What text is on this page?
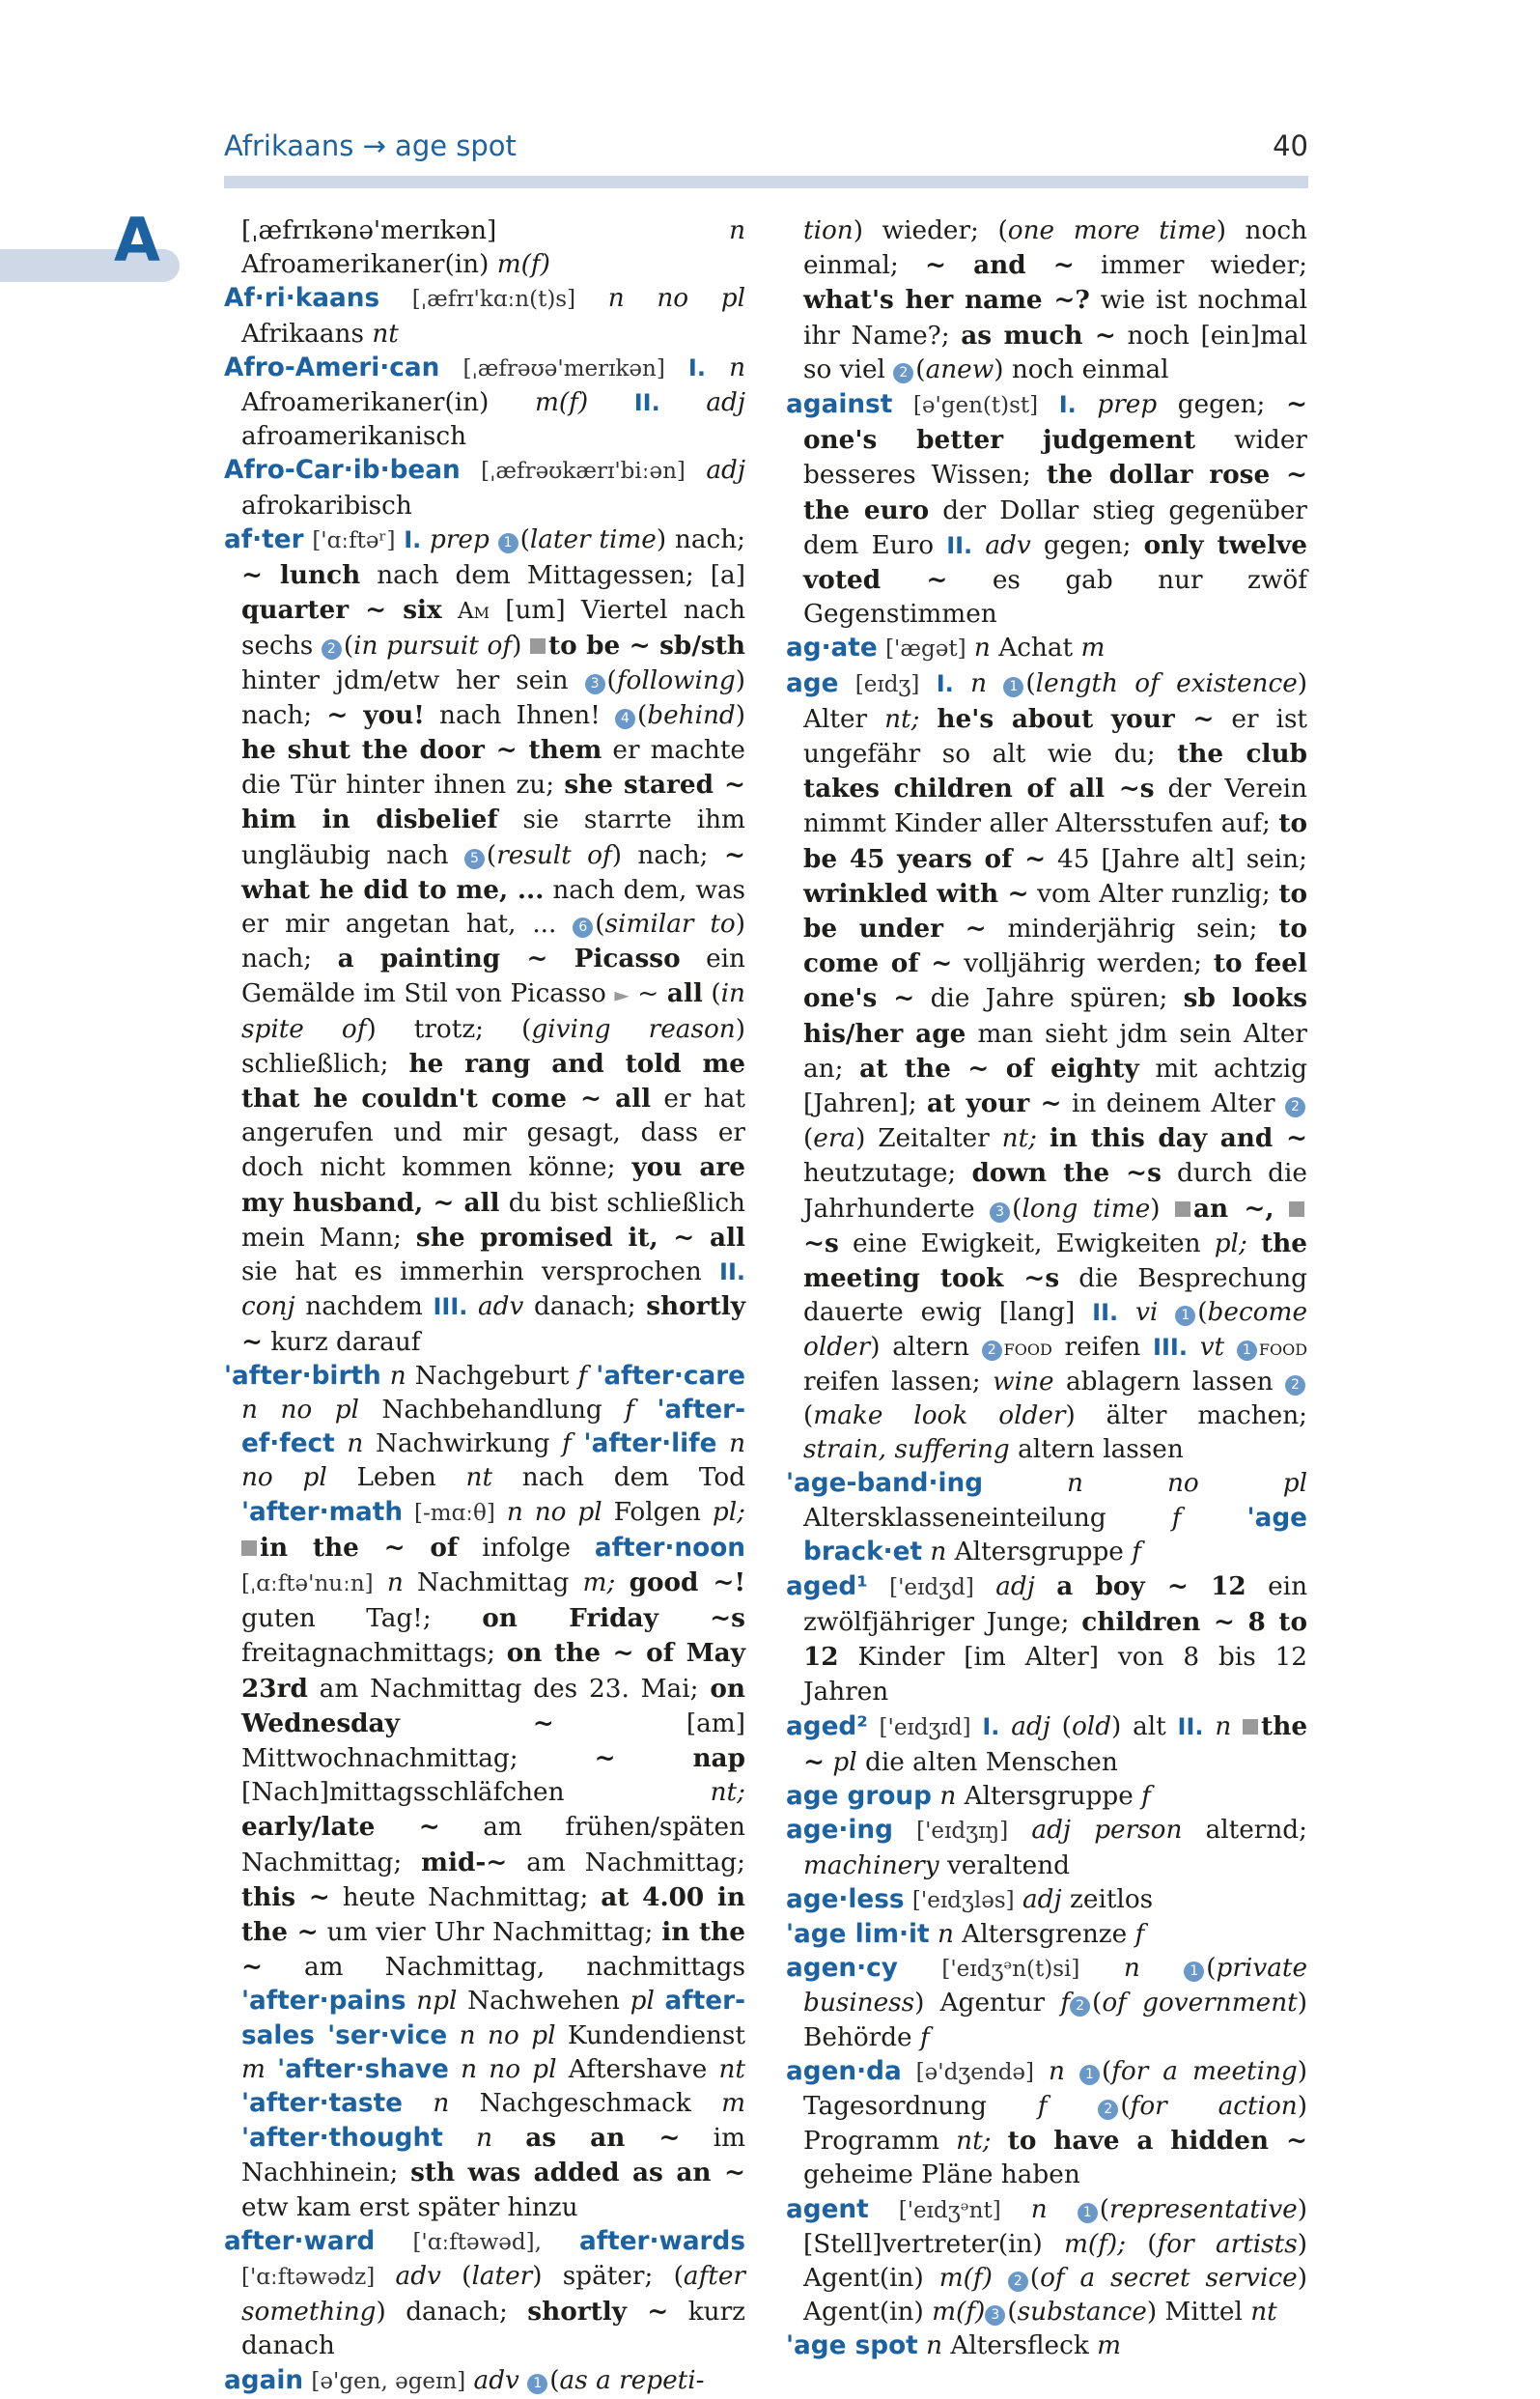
Afrikaans → age spot	40
A	[ˌæfrɪkənə'merɪkən] n Afroamerikaner(in) m(f)
Af·ri·kaans [ˌæfrɪ'kɑːn(t)s] n no pl Afrikaans nt
Afro-Ameri·can [ˌæfrəʊə'merɪkən] I. n Afroamerikaner(in) m(f) II. adj afroamerikanisch
Afro-Car·ib·bean [ˌæfrəʊkærɪ'biːən] adj afrokaribisch
af·ter ['ɑːftəʳ] I. prep 1 (later time) nach; ~ lunch nach dem Mittagessen; [a] quarter ~ six Am [um] Viertel nach sechs 2 (in pursuit of) to be ~ sb/sth hinter jdm/etw her sein 3 (following) nach; ~ you! nach Ihnen! 4 (behind) he shut the door ~ them er machte die Tür hinter ihnen zu; she stared ~ him in disbelief sie starrte ihm ungläubig nach 5 (result of) nach; ~ what he did to me, ... nach dem, was er mir angetan hat, ... 6 (similar to) nach; a painting ~ Picasso ein Gemälde im Stil von Picasso ► ~ all (in spite of) trotz; (giving reason) schließlich; he rang and told me that he couldn't come ~ all er hat angerufen und mir gesagt, dass er doch nicht kommen könne; you are my husband, ~ all du bist schließlich mein Mann; she promised it, ~ all sie hat es immerhin versprochen II. conj nachdem III. adv danach; shortly ~ kurz darauf
'after·birth n Nachgeburt f 'after·care n no pl Nachbehandlung f 'after-ef·fect n Nachwirkung f 'after·life n no pl Leben nt nach dem Tod 'after·math [-mɑːθ] n no pl Folgen pl; in the ~ of infolge after·noon [ˌɑːftə'nuːn] n Nachmittag m; good ~! guten Tag!; on Friday ~s freitagnachmittags; on the ~ of May 23rd am Nachmittag des 23. Mai; on Wednesday ~ [am] Mittwochnachmittag; ~ nap [Nach]mittagsschläfchen nt; early/late ~ am frühen/späten Nachmittag; mid-~ am Nachmittag; this ~ heute Nachmittag; at 4.00 in the ~ um vier Uhr Nachmittag; in the ~ am Nachmittag, nachmittags 'after·pains npl Nachwehen pl after-sales 'ser·vice n no pl Kundendienst m 'after·shave n no pl Aftershave nt 'after·taste n Nachgeschmack m 'after·thought n as an ~ im Nachhinein; sth was added as an ~ etw kam erst später hinzu
after·ward ['ɑːftəwəd], after·wards ['ɑːftəwədz] adv (later) später; (after something) danach; shortly ~ kurz danach
again [ə'gen, əgeɪn] adv 1 (as a repeti-
tion) wieder; (one more time) noch einmal; ~ and ~ immer wieder; what's her name ~? wie ist nochmal ihr Name?; as much ~ noch [ein]mal so viel 2 (anew) noch einmal
against [ə'gen(t)st] I. prep gegen; ~ one's better judgement wider besseres Wissen; the dollar rose ~ the euro der Dollar stieg gegenüber dem Euro II. adv gegen; only twelve voted ~ es gab nur zwöf Gegenstimmen
ag·ate ['ægət] n Achat m
age [eɪdʒ] I. n 1 (length of existence) Alter nt; he's about your ~ er ist ungefähr so alt wie du; the club takes children of all ~s der Verein nimmt Kinder aller Altersstufen auf; to be 45 years of ~ 45 [Jahre alt] sein; wrinkled with ~ vom Alter runzlig; to be under ~ minderjährig sein; to come of ~ volljährig werden; to feel one's ~ die Jahre spüren; sb looks his/her age man sieht jdm sein Alter an; at the ~ of eighty mit achtzig [Jahren]; at your ~ in deinem Alter 2(era) Zeitalter nt; in this day and ~ heutzutage; down the ~s durch die Jahrhunderte 3 (long time) an ~, ~s eine Ewigkeit, Ewigkeiten pl; the meeting took ~s die Besprechung dauerte ewig [lang] II. vi 1 (become older) altern 2 food reifen III. vt 1 food reifen lassen; wine ablagern lassen 2(make look older) älter machen; strain, suffering altern lassen
'age-band·ing	n no pl Altersklasseneinteilung f	'age brack·et n Altersgruppe f
aged¹ ['eɪdʒd] adj a boy ~ 12 ein zwölfjähriger Junge; children ~ 8 to 12 Kinder [im Alter] von 8 bis 12 Jahren
aged² ['eɪdʒɪd] I. adj (old) alt II. n the ~ pl die alten Menschen
age group n Altersgruppe f
age·ing ['eɪdʒɪŋ] adj person alternd; machinery veraltend
age·less ['eɪdʒləs] adj zeitlos
'age lim·it n Altersgrenze f
agen·cy ['eɪdʒᵊn(t)si] n	1 (private business) Agentur f 2 (of government) Behörde f
agen·da [ə'dʒendə] n 1 (for a meeting) Tagesordnung f	2 (for action) Programm nt; to have a hidden ~ geheime Pläne haben
agent ['eɪdʒᵊnt] n	1 (representative) [Stell]vertreter(in) m(f); (for artists) Agent(in) m(f) 2 (of a secret service) Agent(in) m(f) 3 (substance) Mittel nt
'age spot n Altersfleck m
